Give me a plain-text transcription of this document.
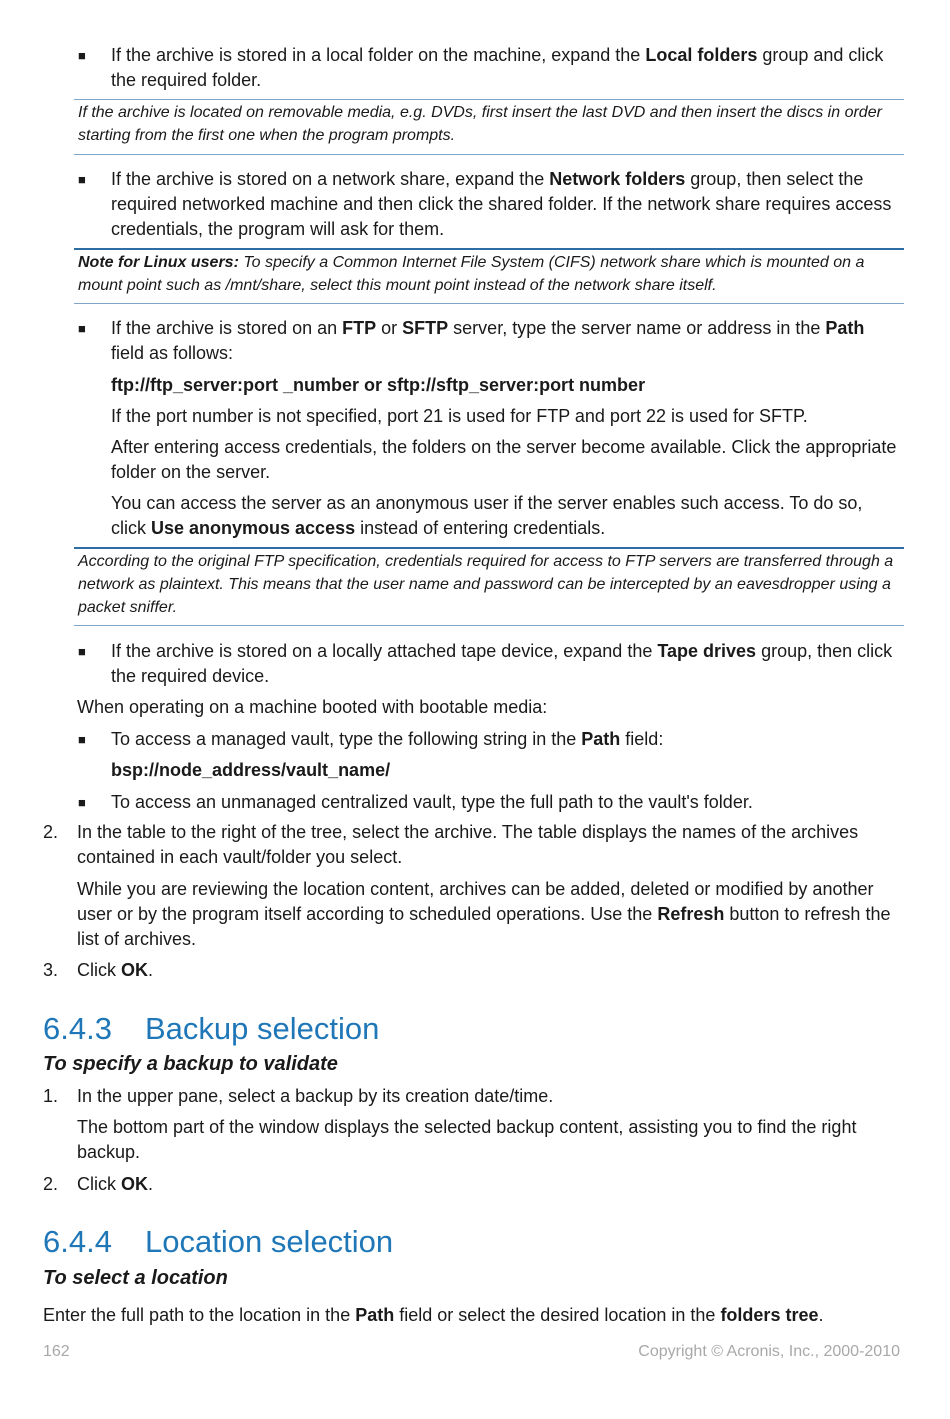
■ If the archive is stored in a local folder on the machine, expand the Local folders group and click the required folder.
If the archive is located on removable media, e.g. DVDs, first insert the last DVD and then insert the discs in order starting from the first one when the program prompts.
■ If the archive is stored on a network share, expand the Network folders group, then select the required networked machine and then click the shared folder. If the network share requires access credentials, the program will ask for them.
Note for Linux users: To specify a Common Internet File System (CIFS) network share which is mounted on a mount point such as /mnt/share, select this mount point instead of the network share itself.
■ If the archive is stored on an FTP or SFTP server, type the server name or address in the Path field as follows:
ftp://ftp_server:port _number or sftp://sftp_server:port number
If the port number is not specified, port 21 is used for FTP and port 22 is used for SFTP.
After entering access credentials, the folders on the server become available. Click the appropriate folder on the server.
You can access the server as an anonymous user if the server enables such access. To do so, click Use anonymous access instead of entering credentials.
According to the original FTP specification, credentials required for access to FTP servers are transferred through a network as plaintext. This means that the user name and password can be intercepted by an eavesdropper using a packet sniffer.
■ If the archive is stored on a locally attached tape device, expand the Tape drives group, then click the required device.
When operating on a machine booted with bootable media:
■ To access a managed vault, type the following string in the Path field:
bsp://node_address/vault_name/
■ To access an unmanaged centralized vault, type the full path to the vault's folder.
2. In the table to the right of the tree, select the archive. The table displays the names of the archives contained in each vault/folder you select.
While you are reviewing the location content, archives can be added, deleted or modified by another user or by the program itself according to scheduled operations. Use the Refresh button to refresh the list of archives.
3. Click OK.
6.4.3 Backup selection
To specify a backup to validate
1. In the upper pane, select a backup by its creation date/time.
The bottom part of the window displays the selected backup content, assisting you to find the right backup.
2. Click OK.
6.4.4 Location selection
To select a location
Enter the full path to the location in the Path field or select the desired location in the folders tree.
162	Copyright © Acronis, Inc., 2000-2010
